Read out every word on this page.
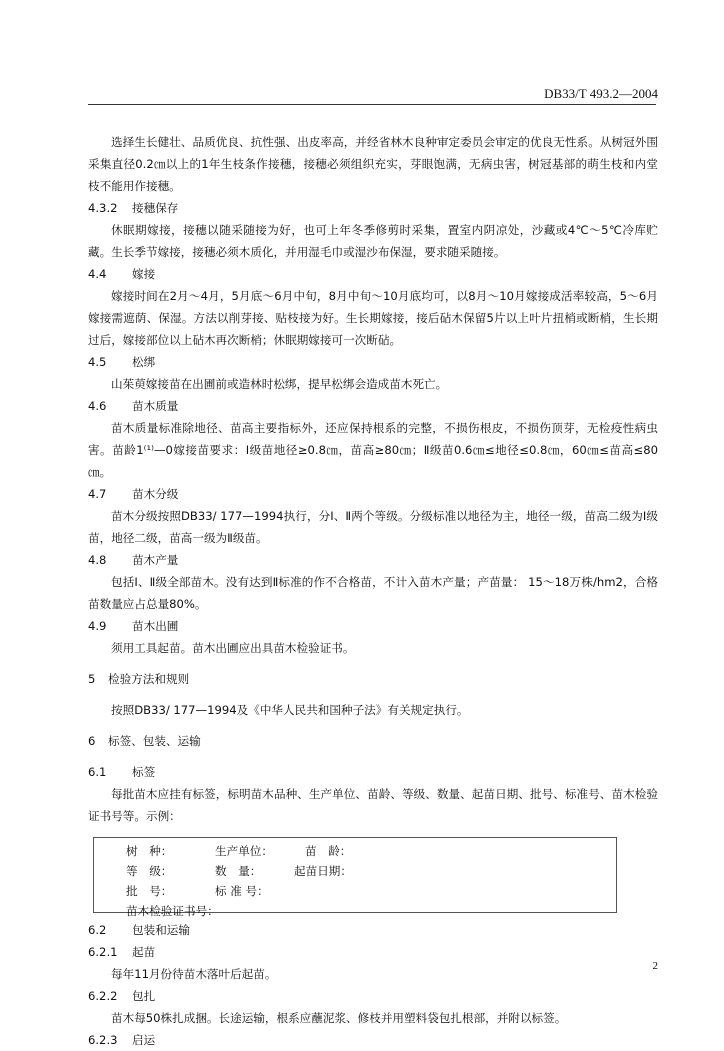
DB33/T 493.2—2004
选择生长健壮、品质优良、抗性强、出皮率高，并经省林木良种审定委员会审定的优良无性系。从树冠外围采集直径0.2㎝以上的1年生枝条作接穗，接穗必须组织充实，芽眼饱满，无病虫害，树冠基部的萌生枝和内堂枝不能用作接穗。
4.3.2 接穗保存
休眠期嫁接，接穗以随采随接为好，也可上年冬季修剪时采集，置室内阴凉处，沙藏或4℃～5℃冷库贮藏。生长季节嫁接，接穗必须木质化，并用湿毛巾或湿沙布保湿，要求随采随接。
4.4 嫁接
嫁接时间在2月～4月，5月底～6月中旬，8月中旬～10月底均可，以8月～10月嫁接成活率较高，5～6月嫁接需遮荫、保湿。方法以削芽接、贴枝接为好。生长期嫁接，接后砧木保留5片以上叶片扭梢或断梢，生长期过后，嫁接部位以上砧木再次断梢；休眠期嫁接可一次断砧。
4.5 松绑
山茱萸嫁接苗在出圃前或造林时松绑，提早松绑会造成苗木死亡。
4.6 苗木质量
苗木质量标准除地径、苗高主要指标外，还应保持根系的完整，不损伤根皮，不损伤顶芽，无检疫性病虫害。苗龄1⁽¹⁾—0嫁接苗要求：Ⅰ级苗地径≥0.8㎝，苗高≥80㎝；Ⅱ级苗0.6㎝≤地径≤0.8㎝，60㎝≤苗高≤80㎝。
4.7 苗木分级
苗木分级按照DB33/ 177—1994执行，分Ⅰ、Ⅱ两个等级。分级标准以地径为主，地径一级，苗高二级为Ⅰ级苗，地径二级，苗高一级为Ⅱ级苗。
4.8 苗木产量
包括Ⅰ、Ⅱ级全部苗木。没有达到Ⅱ标准的作不合格苗，不计入苗木产量；产苗量： 15～18万株/hm2，合格苗数量应占总量80%。
4.9 苗木出圃
须用工具起苗。苗木出圃应出具苗木检验证书。
5 检验方法和规则
按照DB33/ 177—1994及《中华人民共和国种子法》有关规定执行。
6 标签、包装、运输
6.1 标签
每批苗木应挂有标签，标明苗木品种、生产单位、苗龄、等级、数量、起苗日期、批号、标准号、苗木检验证书号等。示例：
树　种：	生产单位：	苗　龄：
等　级：	数　量：	起苗日期：
批　号：	标 准 号：
苗木检验证书号：
6.2 包装和运输
6.2.1 起苗
每年11月份待苗木落叶后起苗。
6.2.2 包扎
苗木每50株扎成捆。长途运输，根系应蘸泥浆、修枝并用塑料袋包扎根部，并附以标签。
6.2.3 启运
2
